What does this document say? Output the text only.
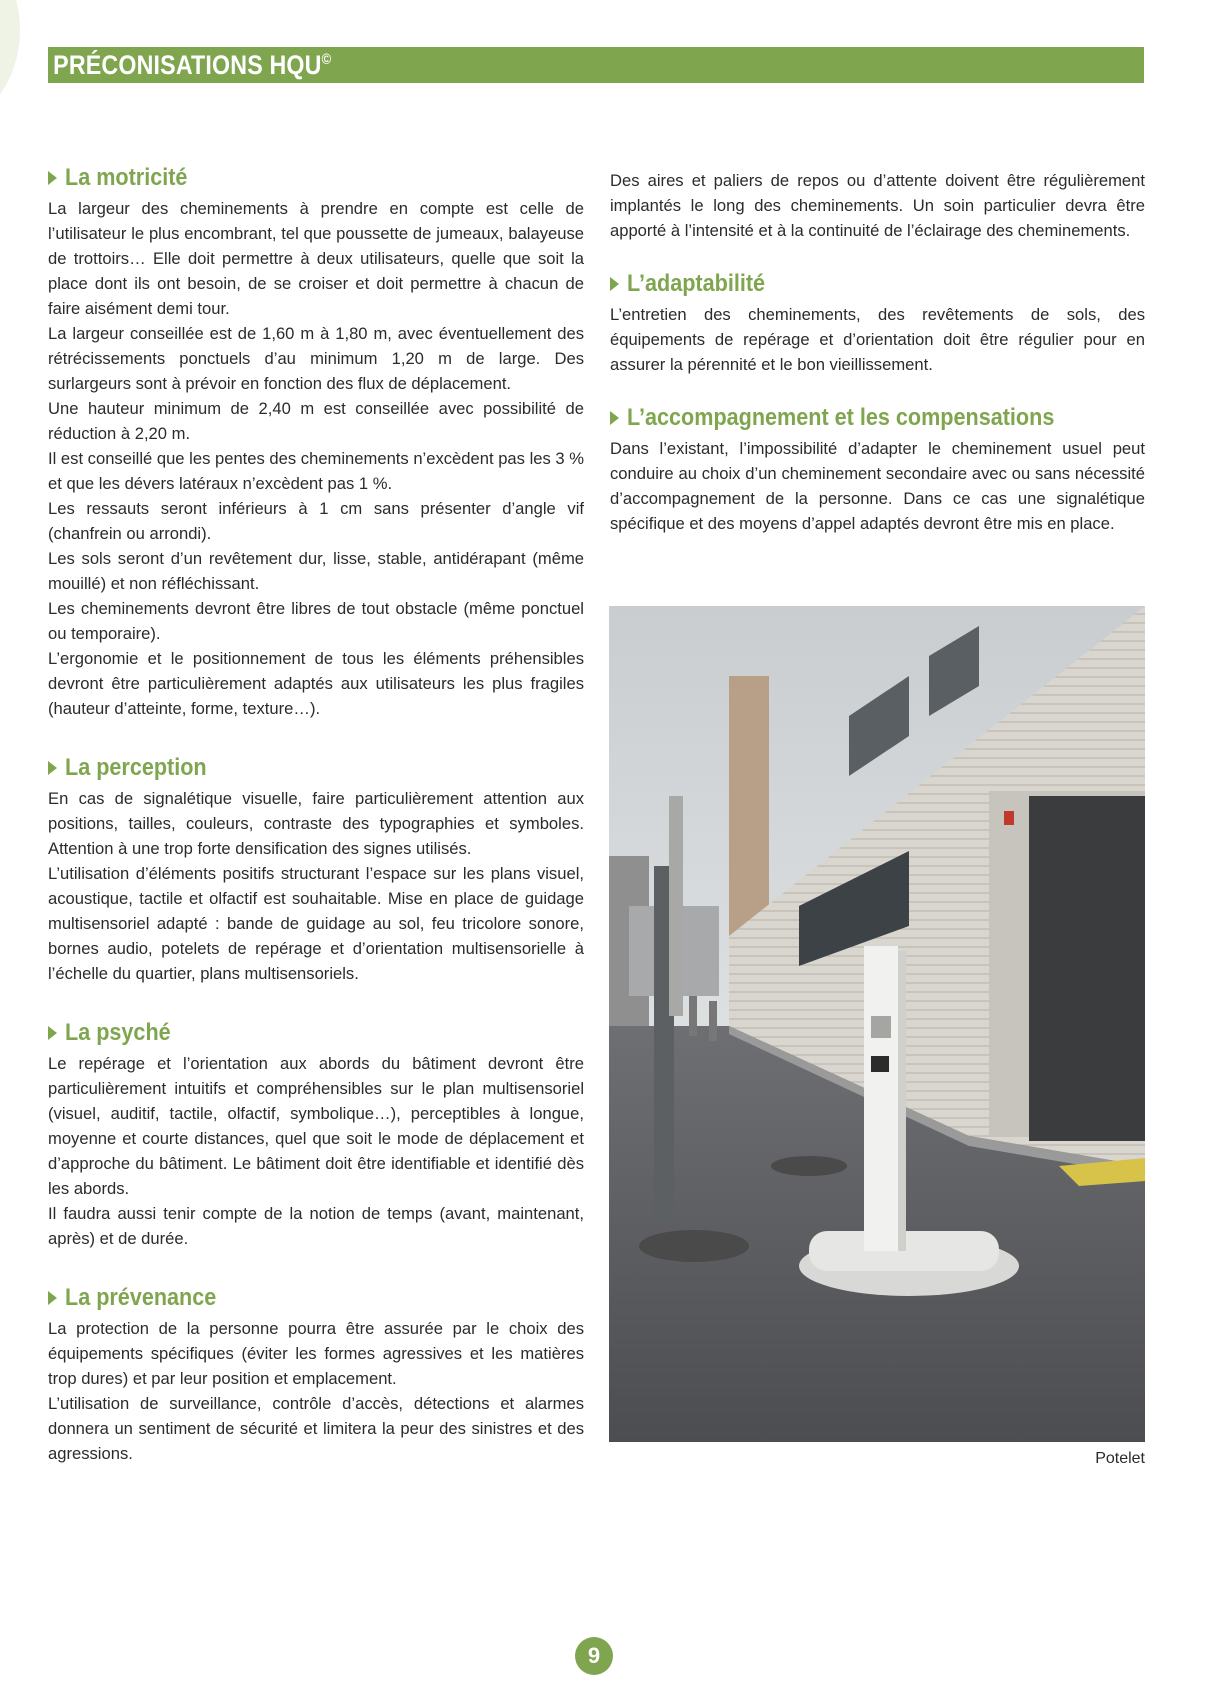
PRÉCONISATIONS HQU©
La motricité

La largeur des cheminements à prendre en compte est celle de l’utilisateur le plus encombrant, tel que poussette de jumeaux, balayeuse de trottoirs… Elle doit permettre à deux utilisateurs, quelle que soit la place dont ils ont besoin, de se croiser et doit permettre à chacun de faire aisément demi tour.

La largeur conseillée est de 1,60 m à 1,80 m, avec éventuellement des rétrécissements ponctuels d’au minimum 1,20 m de large. Des surlargeurs sont à prévoir en fonction des flux de déplacement.

Une hauteur minimum de 2,40 m est conseillée avec possibilité de réduction à 2,20 m.

Il est conseillé que les pentes des cheminements n’excèdent pas les 3 % et que les dévers latéraux n’excèdent pas 1 %.

Les ressauts seront inférieurs à 1 cm sans présenter d’angle vif (chanfrein ou arrondi).

Les sols seront d’un revêtement dur, lisse, stable, antidérapant (même mouillé) et non réfléchissant.

Les cheminements devront être libres de tout obstacle (même ponctuel ou temporaire).

L’ergonomie et le positionnement de tous les éléments préhensibles devront être particulièrement adaptés aux utilisateurs les plus fragiles (hauteur d’atteinte, forme, texture…).

La perception

En cas de signalétique visuelle, faire particulièrement attention aux positions, tailles, couleurs, contraste des typographies et symboles. Attention à une trop forte densification des signes utilisés.

L’utilisation d’éléments positifs structurant l’espace sur les plans visuel, acoustique, tactile et olfactif est souhaitable. Mise en place de guidage multisensoriel adapté : bande de guidage au sol, feu tricolore sonore, bornes audio, potelets de repérage et d’orientation multisensorielle à l’échelle du quartier, plans multisensoriels.

La psyché

Le repérage et l’orientation aux abords du bâtiment devront être particulièrement intuitifs et compréhensibles sur le plan multisensoriel (visuel, auditif, tactile, olfactif, symbolique…), perceptibles à longue, moyenne et courte distances, quel que soit le mode de déplacement et d’approche du bâtiment. Le bâtiment doit être identifiable et identifié dès les abords.

Il faudra aussi tenir compte de la notion de temps (avant, maintenant, après) et de durée.

La prévenance

La protection de la personne pourra être assurée par le choix des équipements spécifiques (éviter les formes agressives et les matières trop dures) et par leur position et emplacement.

L’utilisation de surveillance, contrôle d’accès, détections et alarmes donnera un sentiment de sécurité et limitera la peur des sinistres et des agressions.

Des aires et paliers de repos ou d’attente doivent être régulièrement implantés le long des cheminements. Un soin particulier devra être apporté à l’intensité et à la continuité de l’éclairage des cheminements.

L’adaptabilité

L’entretien des cheminements, des revêtements de sols, des équipements de repérage et d’orientation doit être régulier pour en assurer la pérennité et le bon vieillissement.

L’accompagnement et les compensations

Dans l’existant, l’impossibilité d’adapter le cheminement usuel peut conduire au choix d’un cheminement secondaire avec ou sans nécessité d’accompagnement de la personne. Dans ce cas une signalétique spécifique et des moyens d’appel adaptés devront être mis en place.

Potelet
9
